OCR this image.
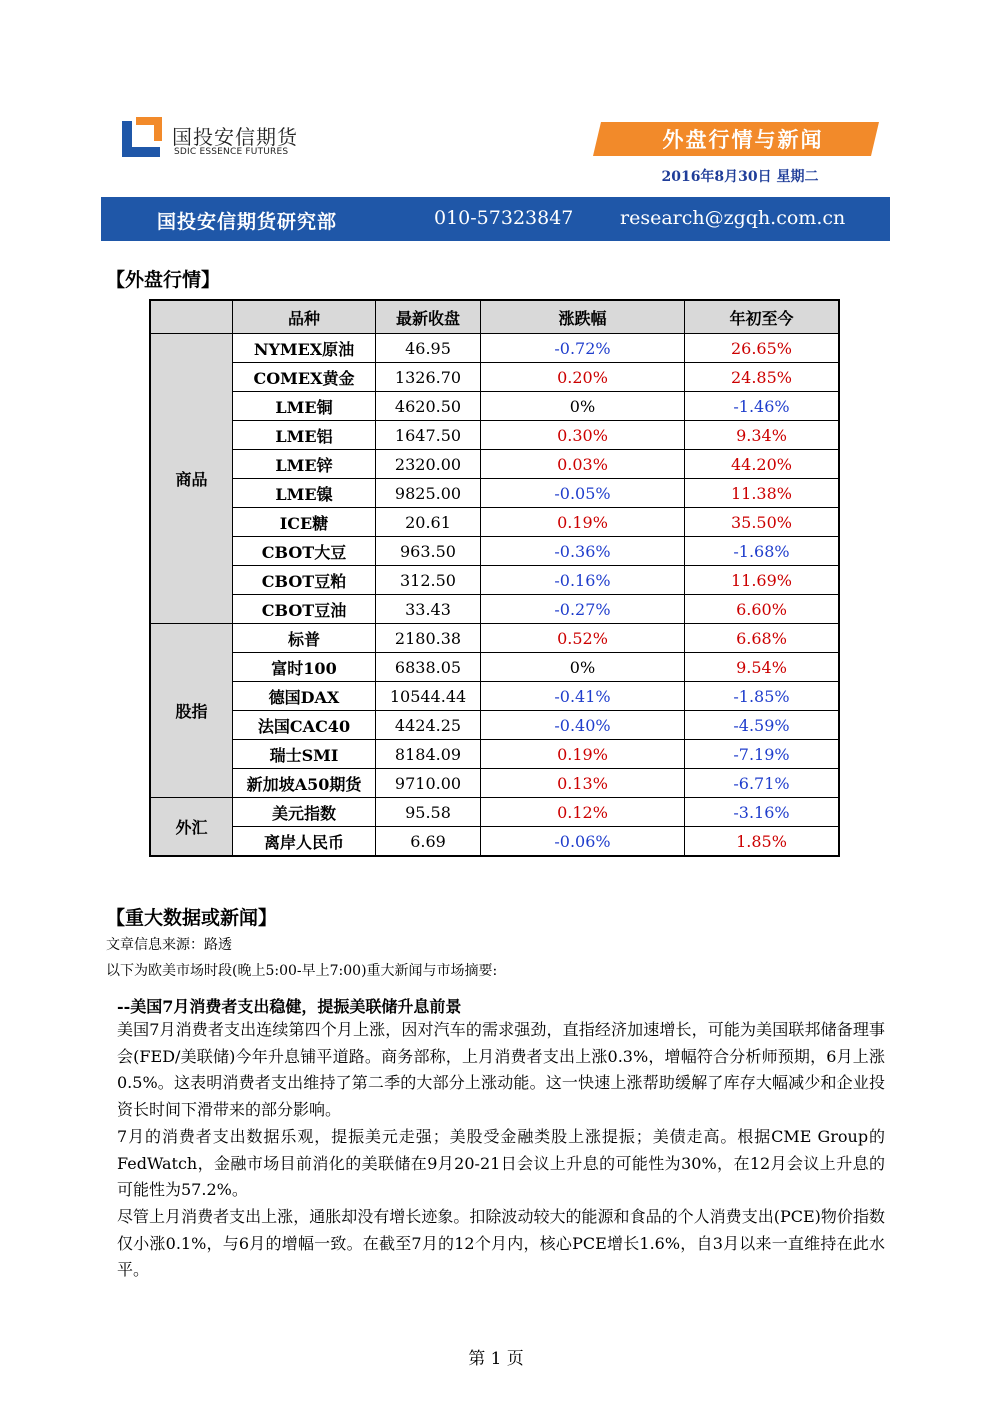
国投安信期货
SDIC ESSENCE FUTURES	外盘行情与新闻
2016年8月30日 星期二
国投安信期货研究部	010-57323847 research@zgqh.com.cn
【外盘行情】
	品种	最新收盘	涨跌幅	年初至今
商品	NYMEX原油	46.95	-0.72%	26.65%
	COMEX黄金	1326.70	0.20%	24.85%
	LME铜	4620.50	0%	-1.46%
	LME铝	1647.50	0.30%	9.34%
	LME锌	2320.00	0.03%	44.20%
	LME镍	9825.00	-0.05%	11.38%
	ICE糖	20.61	0.19%	35.50%
	CBOT大豆	963.50	-0.36%	-1.68%
	CBOT豆粕	312.50	-0.16%	11.69%
	CBOT豆油	33.43	-0.27%	6.60%
股指	标普	2180.38	0.52%	6.68%
	富时100	6838.05	0%	9.54%
	德国DAX	10544.44	-0.41%	-1.85%
	法国CAC40	4424.25	-0.40%	-4.59%
	瑞士SMI	8184.09	0.19%	-7.19%
	新加坡A50期货	9710.00	0.13%	-6.71%
外汇	美元指数	95.58	0.12%	-3.16%
	离岸人民币	6.69	-0.06%	1.85%
【重大数据或新闻】
文章信息来源：路透
以下为欧美市场时段(晚上5:00-早上7:00)重大新闻与市场摘要:
--美国7月消费者支出稳健，提振美联储升息前景
美国7月消费者支出连续第四个月上涨，因对汽车的需求强劲，直指经济加速增长，可能为美国联邦储备理事会(FED/美联储)今年升息铺平道路。商务部称，上月消费者支出上涨0.3%，增幅符合分析师预期，6月上涨0.5%。这表明消费者支出维持了第二季的大部分上涨动能。这一快速上涨帮助缓解了库存大幅减少和企业投资长时间下滑带来的部分影响。
7月的消费者支出数据乐观，提振美元走强；美股受金融类股上涨提振；美债走高。根据CME Group的FedWatch，金融市场目前消化的美联储在9月20-21日会议上升息的可能性为30%，在12月会议上升息的可能性为57.2%。
尽管上月消费者支出上涨，通胀却没有增长迹象。扣除波动较大的能源和食品的个人消费支出(PCE)物价指数仅小涨0.1%，与6月的增幅一致。在截至7月的12个月内，核心PCE增长1.6%，自3月以来一直维持在此水平。
第 1 页
